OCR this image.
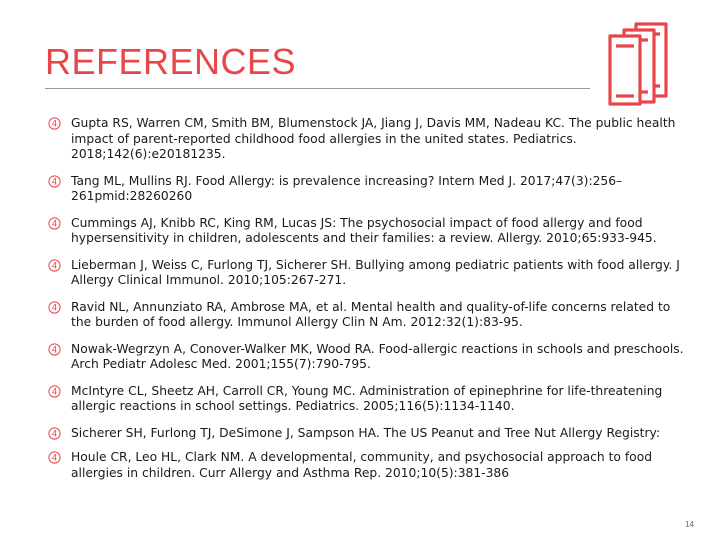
REFERENCES
4 Gupta RS, Warren CM, Smith BM, Blumenstock JA, Jiang J, Davis MM, Nadeau KC. The public health impact of parent-reported childhood food allergies in the united states. Pediatrics. 2018;142(6):e20181235.
4 Tang ML, Mullins RJ. Food Allergy: is prevalence increasing? Intern Med J. 2017;47(3):256–261pmid:28260260
4 Cummings AJ, Knibb RC, King RM, Lucas JS: The psychosocial impact of food allergy and food hypersensitivity in children, adolescents and their families: a review. Allergy. 2010;65:933-945.
4 Lieberman J, Weiss C, Furlong TJ, Sicherer SH. Bullying among pediatric patients with food allergy. J Allergy Clinical Immunol. 2010;105:267-271.
4 Ravid NL, Annunziato RA, Ambrose MA, et al. Mental health and quality-of-life concerns related to the burden of food allergy. Immunol Allergy Clin N Am. 2012:32(1):83-95.
4 Nowak-Wegrzyn A, Conover-Walker MK, Wood RA. Food-allergic reactions in schools and preschools. Arch Pediatr Adolesc Med. 2001;155(7):790-795.
4 McIntyre CL, Sheetz AH, Carroll CR, Young MC. Administration of epinephrine for life-threatening allergic reactions in school settings. Pediatrics. 2005;116(5):1134-1140.
4 Sicherer SH, Furlong TJ, DeSimone J, Sampson HA. The US Peanut and Tree Nut Allergy Registry:
4 Houle CR, Leo HL, Clark NM. A developmental, community, and psychosocial approach to food allergies in children. Curr Allergy and Asthma Rep. 2010;10(5):381-386
14
